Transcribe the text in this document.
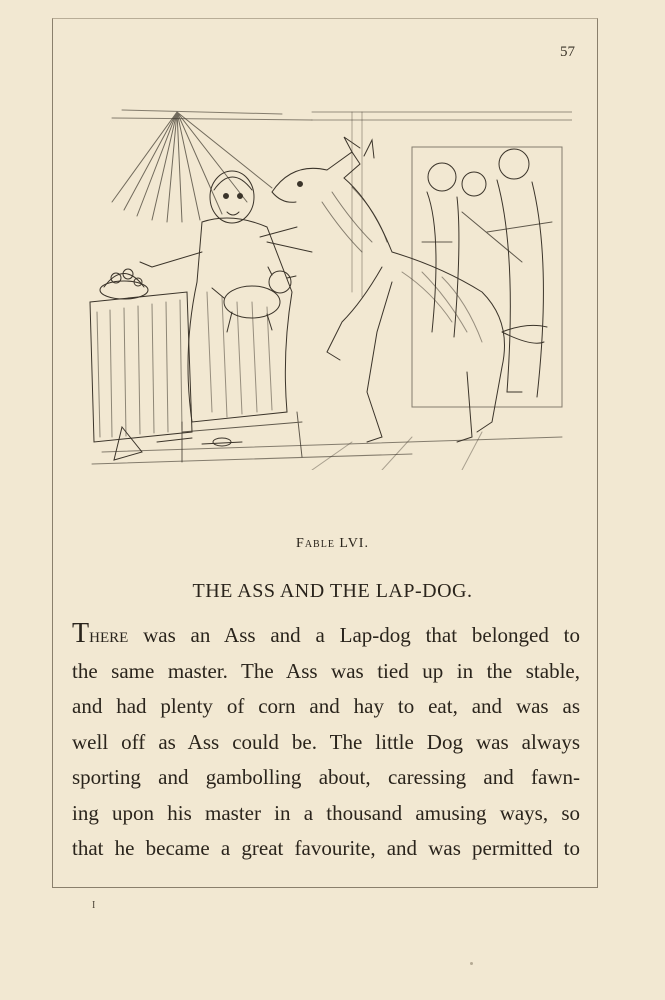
57
Fable LVI.
THE ASS AND THE LAP-DOG.
There was an Ass and a Lap-dog that belonged to
the same master. The Ass was tied up in the stable,
and had plenty of corn and hay to eat, and was as
well off as Ass could be. The little Dog was always
sporting and gambolling about, caressing and fawn-
ing upon his master in a thousand amusing ways, so
that he became a great favourite, and was permitted to
I
